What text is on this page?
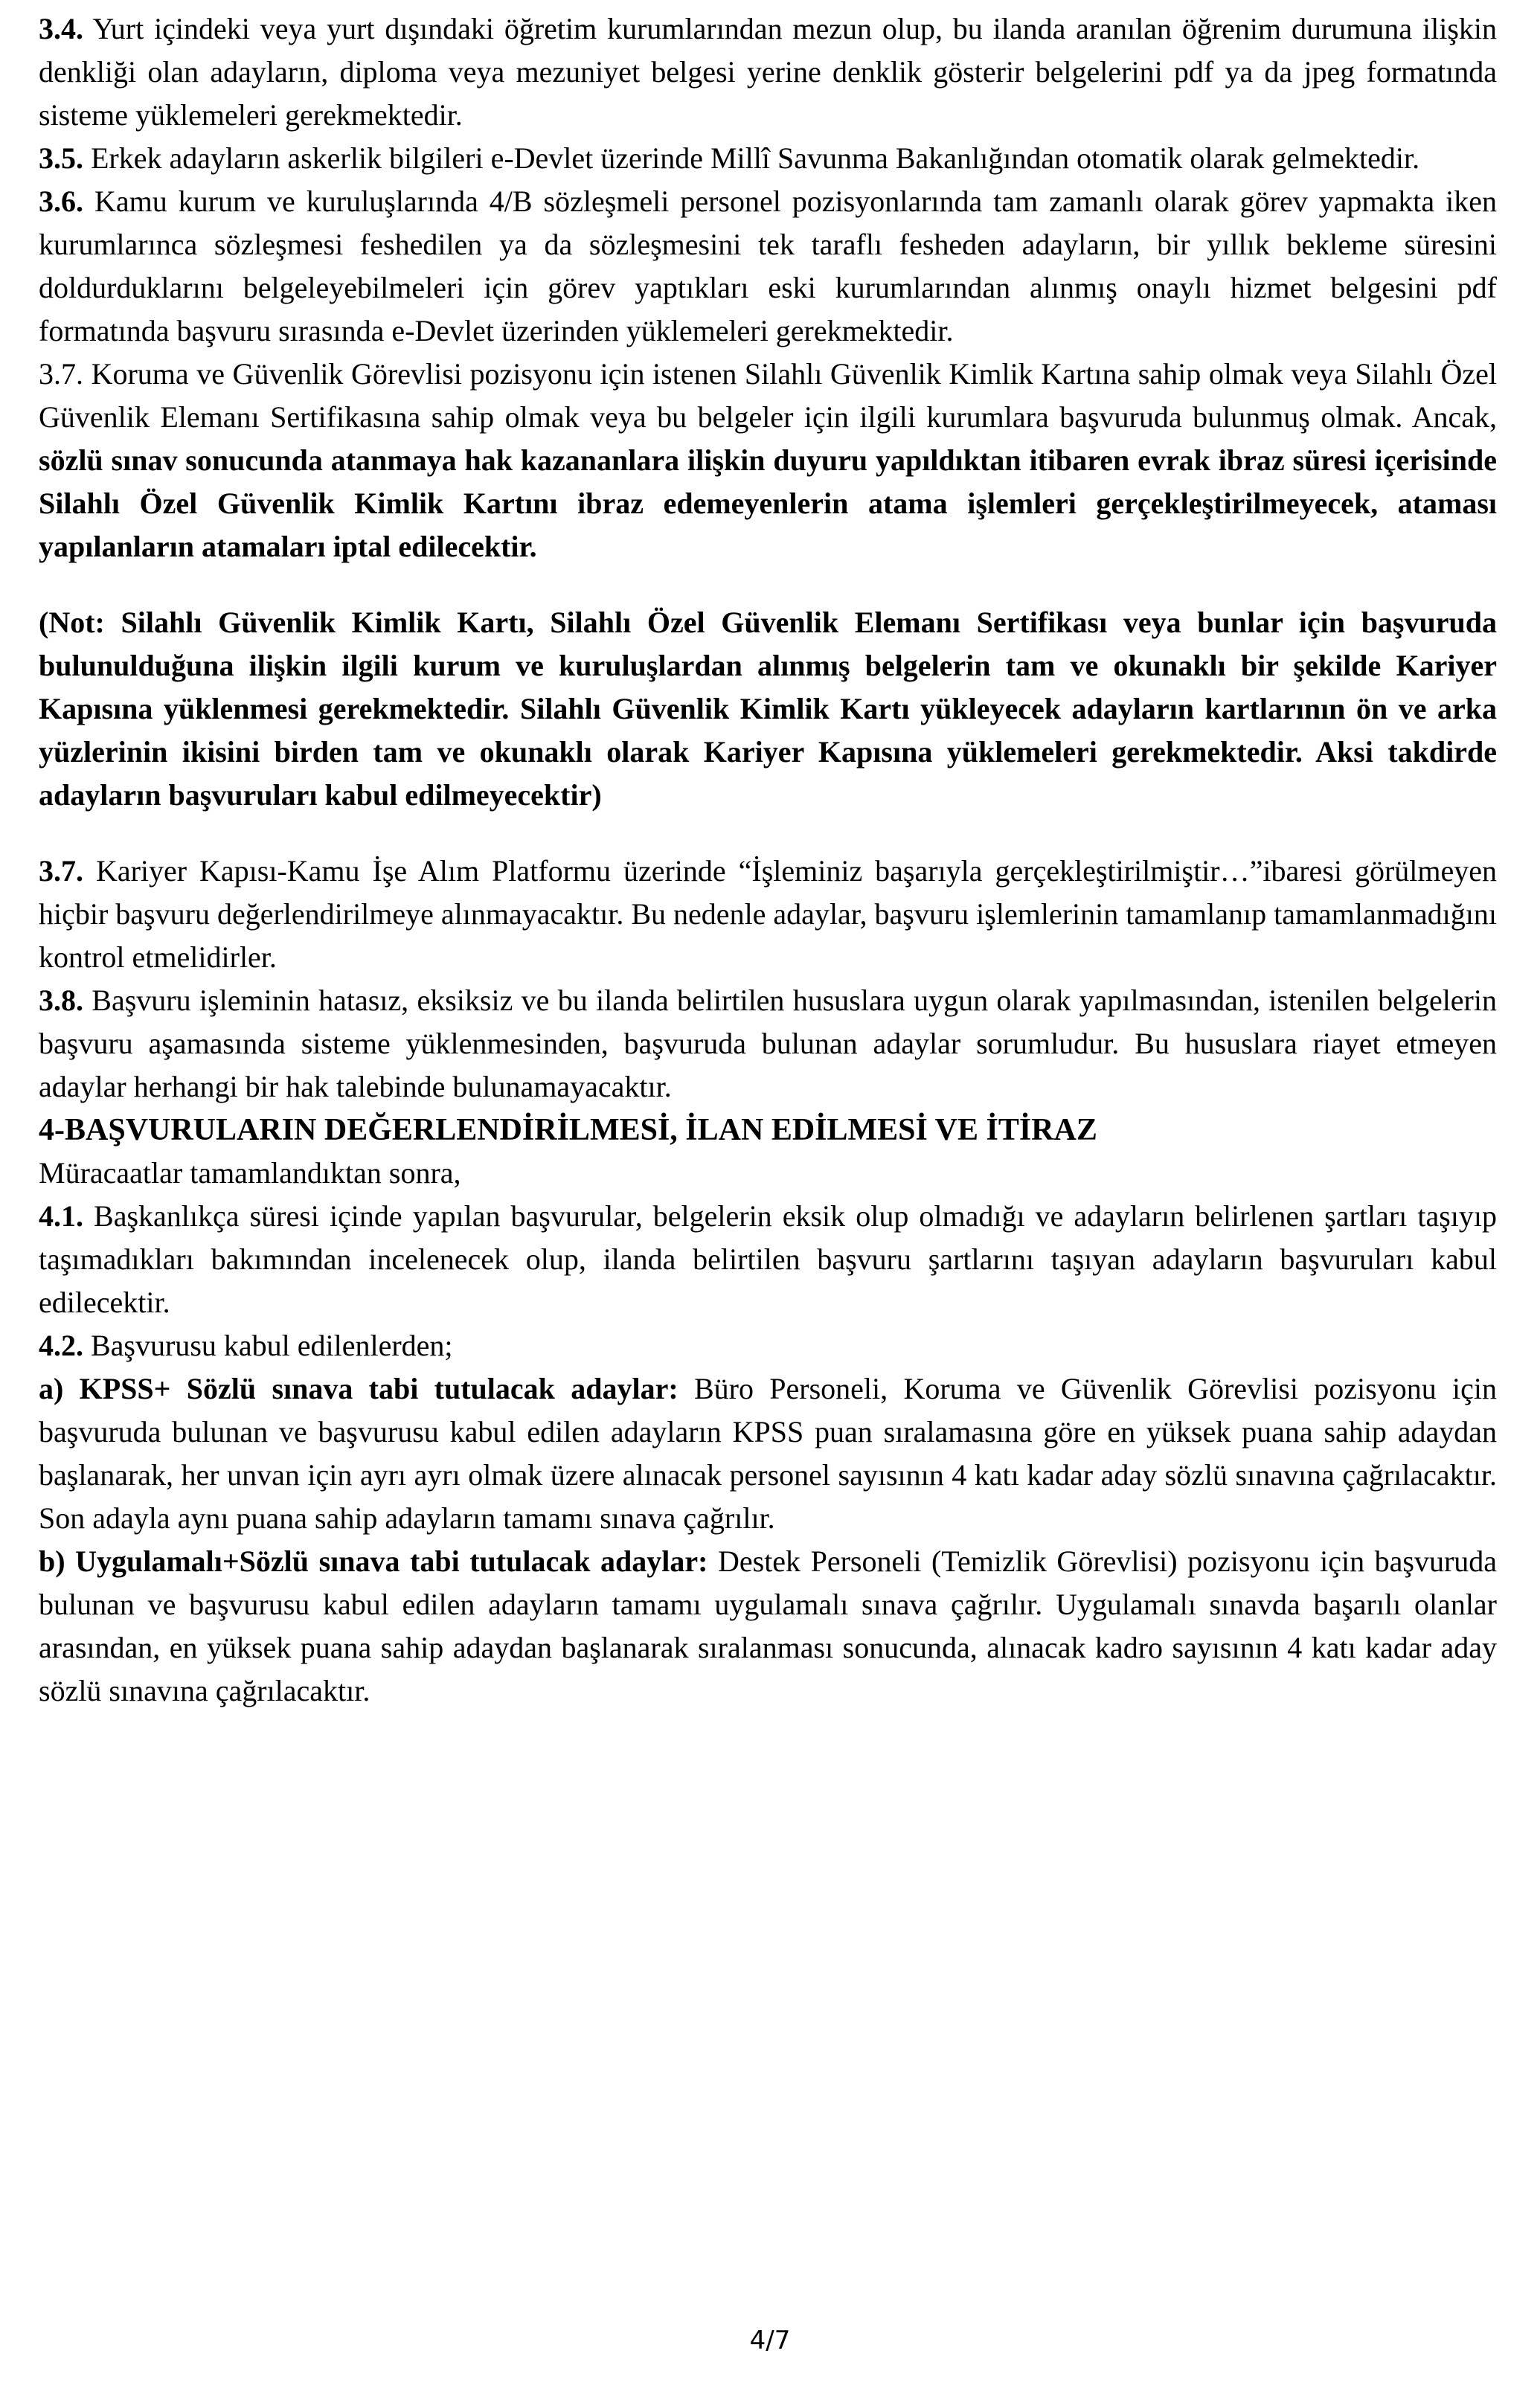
3.4. Yurt içindeki veya yurt dışındaki öğretim kurumlarından mezun olup, bu ilanda aranılan öğrenim durumuna ilişkin denkliği olan adayların, diploma veya mezuniyet belgesi yerine denklik gösterir belgelerini pdf ya da jpeg formatında sisteme yüklemeleri gerekmektedir.

3.5. Erkek adayların askerlik bilgileri e-Devlet üzerinde Millî Savunma Bakanlığından otomatik olarak gelmektedir.

3.6. Kamu kurum ve kuruluşlarında 4/B sözleşmeli personel pozisyonlarında tam zamanlı olarak görev yapmakta iken kurumlarınca sözleşmesi feshedilen ya da sözleşmesini tek taraflı fesheden adayların, bir yıllık bekleme süresini doldurduklarını belgeleyebilmeleri için görev yaptıkları eski kurumlarından alınmış onaylı hizmet belgesini pdf formatında başvuru sırasında e-Devlet üzerinden yüklemeleri gerekmektedir.

3.7. Koruma ve Güvenlik Görevlisi pozisyonu için istenen Silahlı Güvenlik Kimlik Kartına sahip olmak veya Silahlı Özel Güvenlik Elemanı Sertifikasına sahip olmak veya bu belgeler için ilgili kurumlara başvuruda bulunmuş olmak. Ancak, sözlü sınav sonucunda atanmaya hak kazananlara ilişkin duyuru yapıldıktan itibaren evrak ibraz süresi içerisinde Silahlı Özel Güvenlik Kimlik Kartını ibraz edemeyenlerin atama işlemleri gerçekleştirilmeyecek, ataması yapılanların atamaları iptal edilecektir.

(Not: Silahlı Güvenlik Kimlik Kartı, Silahlı Özel Güvenlik Elemanı Sertifikası veya bunlar için başvuruda bulunulduğuna ilişkin ilgili kurum ve kuruluşlardan alınmış belgelerin tam ve okunaklı bir şekilde Kariyer Kapısına yüklenmesi gerekmektedir. Silahlı Güvenlik Kimlik Kartı yükleyecek adayların kartlarının ön ve arka yüzlerinin ikisini birden tam ve okunaklı olarak Kariyer Kapısına yüklemeleri gerekmektedir. Aksi takdirde adayların başvuruları kabul edilmeyecektir)

3.7. Kariyer Kapısı-Kamu İşe Alım Platformu üzerinde “İşleminiz başarıyla gerçekleştirilmiştir…”ibaresi görülmeyen hiçbir başvuru değerlendirilmeye alınmayacaktır. Bu nedenle adaylar, başvuru işlemlerinin tamamlanıp tamamlanmadığını kontrol etmelidirler.

3.8. Başvuru işleminin hatasız, eksiksiz ve bu ilanda belirtilen hususlara uygun olarak yapılmasından, istenilen belgelerin başvuru aşamasında sisteme yüklenmesinden, başvuruda bulunan adaylar sorumludur. Bu hususlara riayet etmeyen adaylar herhangi bir hak talebinde bulunamayacaktır.

4-BAŞVURULARIN DEĞERLENDİRİLMESİ, İLAN EDİLMESİ VE İTİRAZ

Müracaatlar tamamlandıktan sonra,

4.1. Başkanlıkça süresi içinde yapılan başvurular, belgelerin eksik olup olmadığı ve adayların belirlenen şartları taşıyıp taşımadıkları bakımından incelenecek olup, ilanda belirtilen başvuru şartlarını taşıyan adayların başvuruları kabul edilecektir.

4.2. Başvurusu kabul edilenlerden;

a) KPSS+ Sözlü sınava tabi tutulacak adaylar: Büro Personeli, Koruma ve Güvenlik Görevlisi pozisyonu için başvuruda bulunan ve başvurusu kabul edilen adayların KPSS puan sıralamasına göre en yüksek puana sahip adaydan başlanarak, her unvan için ayrı ayrı olmak üzere alınacak personel sayısının 4 katı kadar aday sözlü sınavına çağrılacaktır. Son adayla aynı puana sahip adayların tamamı sınava çağrılır.

b) Uygulamalı+Sözlü sınava tabi tutulacak adaylar: Destek Personeli (Temizlik Görevlisi) pozisyonu için başvuruda bulunan ve başvurusu kabul edilen adayların tamamı uygulamalı sınava çağrılır. Uygulamalı sınavda başarılı olanlar arasından, en yüksek puana sahip adaydan başlanarak sıralanması sonucunda, alınacak kadro sayısının 4 katı kadar aday sözlü sınavına çağrılacaktır.

4/7
